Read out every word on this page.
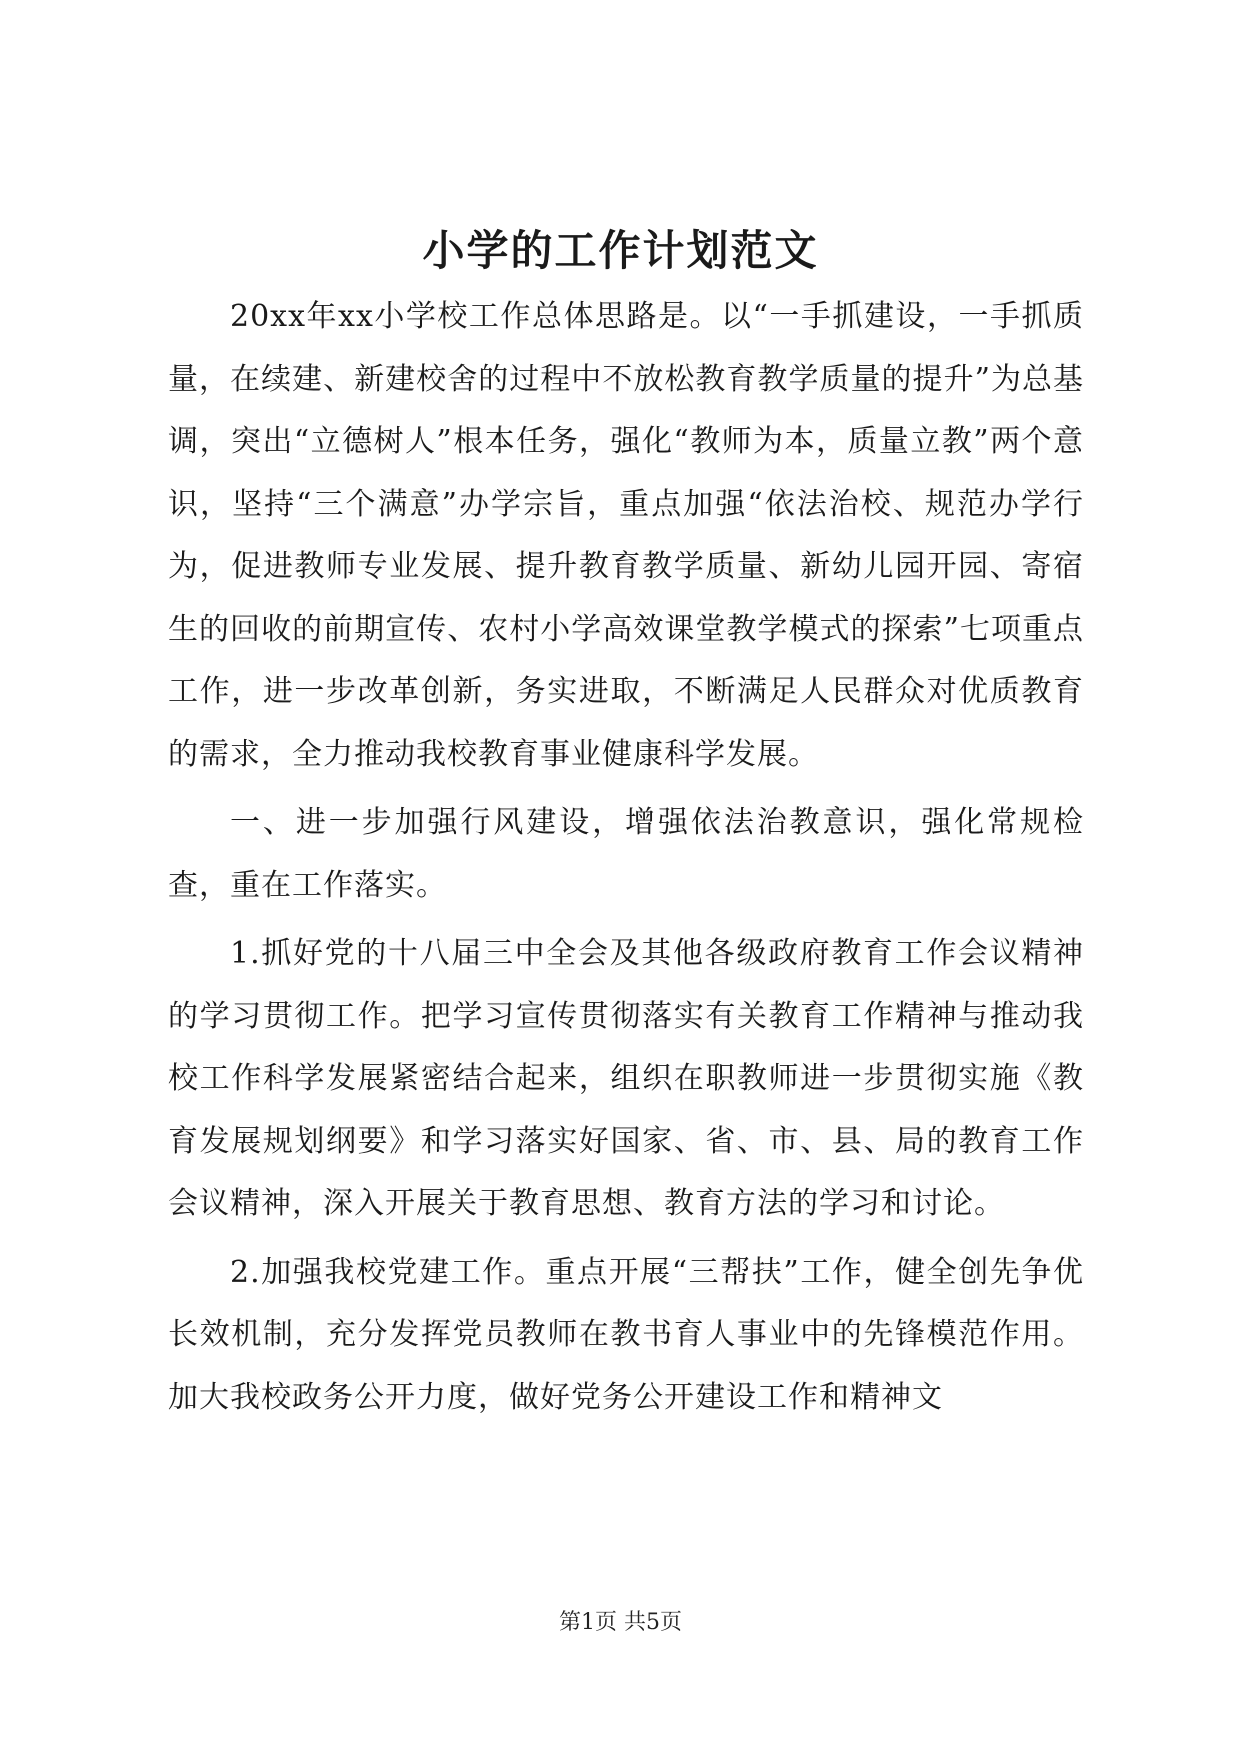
小学的工作计划范文

20xx年xx小学校工作总体思路是。以“一手抓建设，一手抓质量，在续建、新建校舍的过程中不放松教育教学质量的提升”为总基调，突出“立德树人”根本任务，强化“教师为本，质量立教”两个意识，坚持“三个满意”办学宗旨，重点加强“依法治校、规范办学行为，促进教师专业发展、提升教育教学质量、新幼儿园开园、寄宿生的回收的前期宣传、农村小学高效课堂教学模式的探索”七项重点工作，进一步改革创新，务实进取，不断满足人民群众对优质教育的需求，全力推动我校教育事业健康科学发展。

一、进一步加强行风建设，增强依法治教意识，强化常规检查，重在工作落实。

1.抓好党的十八届三中全会及其他各级政府教育工作会议精神的学习贯彻工作。把学习宣传贯彻落实有关教育工作精神与推动我校工作科学发展紧密结合起来，组织在职教师进一步贯彻实施《教育发展规划纲要》和学习落实好国家、省、市、县、局的教育工作会议精神，深入开展关于教育思想、教育方法的学习和讨论。

2.加强我校党建工作。重点开展“三帮扶”工作，健全创先争优长效机制，充分发挥党员教师在教书育人事业中的先锋模范作用。加大我校政务公开力度，做好党务公开建设工作和精神文

第1页 共5页
